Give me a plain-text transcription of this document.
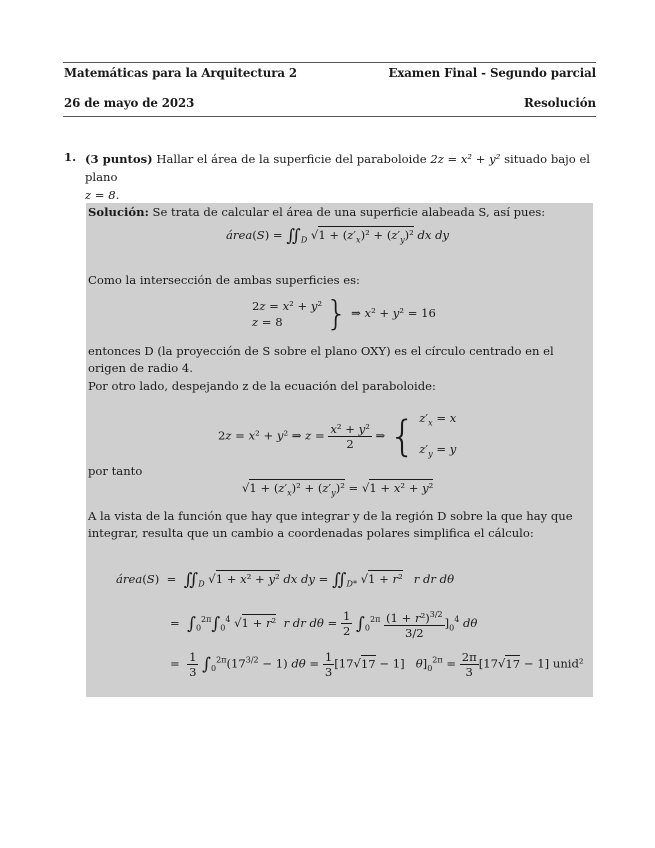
Matemáticas para la Arquitectura 2	Examen Final - Segundo parcial
26 de mayo de 2023	Resolución
1. (3 puntos) Hallar el área de la superficie del paraboloide 2z = x² + y² situado bajo el plano
z = 8.
Solución: Se trata de calcular el área de una superficie alabeada S, así pues:
área(S) = $∬_D$ $√1 + (z'_x)^2 + (z'_y)^2$ dx dy
Como la intersección de ambas superficies es:
2z = x² + y²
z = 8	} ⇒ x² + y² = 16
entonces D (la proyección de S sobre el plano OXY) es el círculo centrado en el origen de radio 4.
Por otro lado, despejando z de la ecuación del paraboloide:
2z = x² + y² ⇒ $z = \frac{\text{x² + y²}}{2}$ ⇒ { $z'_x = x$
$z'_y = y$
por tanto
$√1 + (z'_x)^2 + (z'_y)^2 = √1 + x^2 + y^2$
A la vista de la función que hay que integrar y de la región D sobre la que hay que integrar, resulta que un cambio a coordenadas polares simplifica el cálculo:
área(S)  =  $∬_D$ √1 + x² + y² dx dy = $∬_{D*}$ √1 + r² r dr dθ
=  $\int_0^{2\pi}\int_0^4$ √1 + r² r dr $d\theta = \frac{1}{2} \int_0^{2\pi} \frac{(1 + r^2)^{3/2}}{3/2} ]_0^4$ dθ
= $\frac{1}{3} \int_0^{2\pi}(17^{3/2} - 1) d\theta = \frac{1}{3} [17√17 - 1] \theta]_0^{2\pi} = \frac{2\pi}{3} [17√17 - 1]$ unid²
